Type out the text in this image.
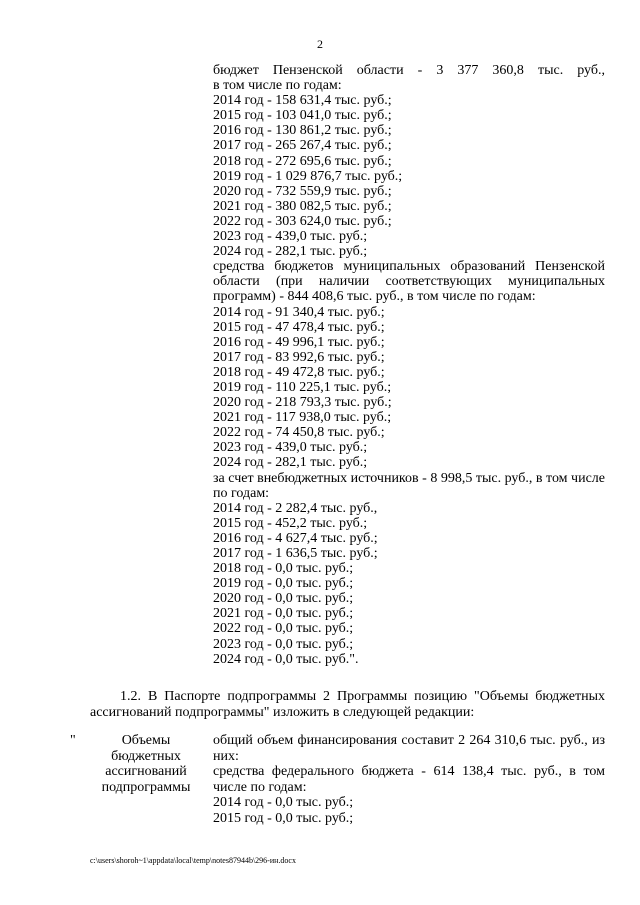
2
бюджет Пензенской области - 3 377 360,8 тыс. руб.,
в том числе по годам:
2014 год - 158 631,4 тыс. руб.;
2015 год - 103 041,0 тыс. руб.;
2016 год - 130 861,2 тыс. руб.;
2017 год - 265 267,4 тыс. руб.;
2018 год - 272 695,6 тыс. руб.;
2019 год - 1 029 876,7 тыс. руб.;
2020 год - 732 559,9 тыс. руб.;
2021 год - 380 082,5 тыс. руб.;
2022 год - 303 624,0 тыс. руб.;
2023 год - 439,0 тыс. руб.;
2024 год - 282,1 тыс. руб.;
средства бюджетов муниципальных образований Пензенской области (при наличии соответствующих муниципальных программ) - 844 408,6 тыс. руб., в том числе по годам:
2014 год - 91 340,4 тыс. руб.;
2015 год - 47 478,4 тыс. руб.;
2016 год - 49 996,1 тыс. руб.;
2017 год - 83 992,6 тыс. руб.;
2018 год - 49 472,8 тыс. руб.;
2019 год - 110 225,1 тыс. руб.;
2020 год - 218 793,3 тыс. руб.;
2021 год - 117 938,0 тыс. руб.;
2022 год - 74 450,8 тыс. руб.;
2023 год - 439,0 тыс. руб.;
2024 год - 282,1 тыс. руб.;
за счет внебюджетных источников - 8 998,5 тыс. руб., в том числе по годам:
2014 год - 2 282,4 тыс. руб.,
2015 год - 452,2 тыс. руб.;
2016 год - 4 627,4 тыс. руб.;
2017 год - 1 636,5 тыс. руб.;
2018 год - 0,0 тыс. руб.;
2019 год - 0,0 тыс. руб.;
2020 год - 0,0 тыс. руб.;
2021 год - 0,0 тыс. руб.;
2022 год - 0,0 тыс. руб.;
2023 год - 0,0 тыс. руб.;
2024 год - 0,0 тыс. руб.".
1.2. В Паспорте подпрограммы 2 Программы позицию "Объемы бюджетных
ассигнований подпрограммы" изложить в следующей редакции:
"	Объемы
бюджетных
ассигнований
подпрограммы
общий объем финансирования составит 2 264 310,6 тыс. руб., из них:
средства федерального бюджета - 614 138,4 тыс. руб., в том числе по годам:
2014 год - 0,0 тыс. руб.;
2015 год - 0,0 тыс. руб.;
c:\users\shoroh~1\appdata\local\temp\notes87944b\296-ин.docx
